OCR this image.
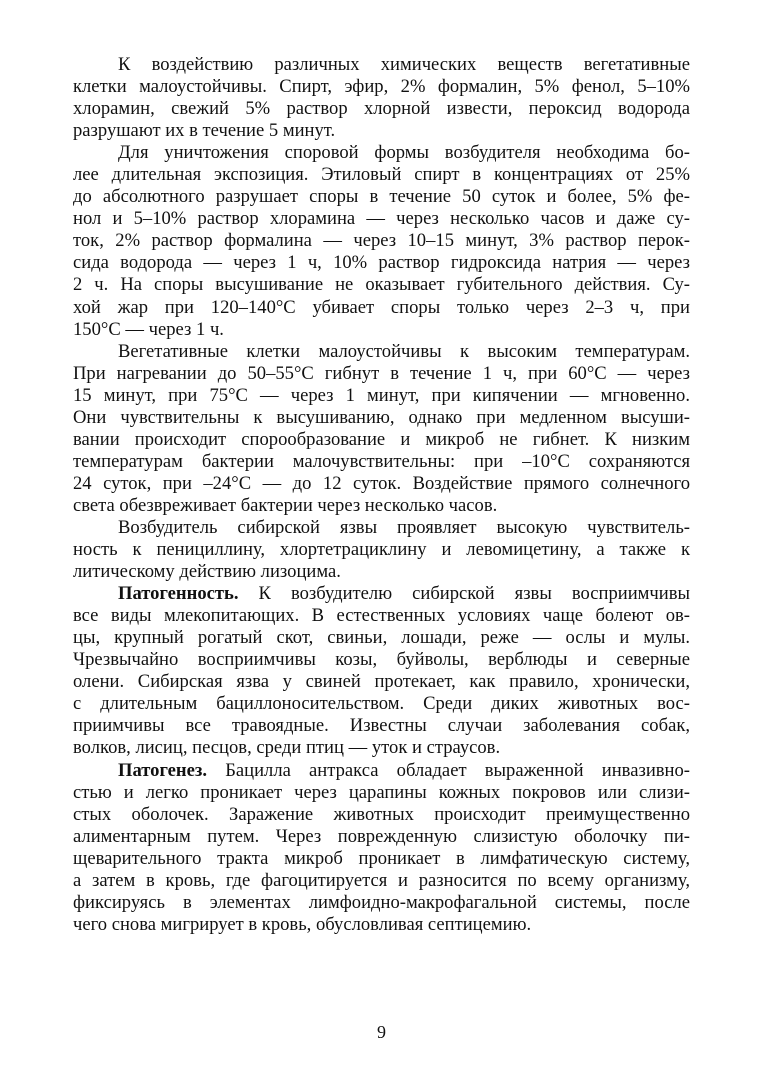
К воздействию различных химических веществ вегетативные
клетки малоустойчивы. Спирт, эфир, 2% формалин, 5% фенол, 5–10%
хлорамин, свежий 5% раствор хлорной извести, пероксид водорода
разрушают их в течение 5 минут.
Для уничтожения споровой формы возбудителя необходима бо-
лее длительная экспозиция. Этиловый спирт в концентрациях от 25%
до абсолютного разрушает споры в течение 50 суток и более, 5% фе-
нол и 5–10% раствор хлорамина — через несколько часов и даже су-
ток, 2% раствор формалина — через 10–15 минут, 3% раствор перок-
сида водорода — через 1 ч, 10% раствор гидроксида натрия — через
2 ч. На споры высушивание не оказывает губительного действия. Су-
хой жар при 120–140°С убивает споры только через 2–3 ч, при
150°С — через 1 ч.
Вегетативные клетки малоустойчивы к высоким температурам.
При нагревании до 50–55°С гибнут в течение 1 ч, при 60°С — через
15 минут, при 75°С — через 1 минут, при кипячении — мгновенно.
Они чувствительны к высушиванию, однако при медленном высуши-
вании происходит спорообразование и микроб не гибнет. К низким
температурам бактерии малочувствительны: при –10°С сохраняются
24 суток, при –24°С — до 12 суток. Воздействие прямого солнечного
света обезвреживает бактерии через несколько часов.
Возбудитель сибирской язвы проявляет высокую чувствитель-
ность к пенициллину, хлортетрациклину и левомицетину, а также к
литическому действию лизоцима.
Патогенность. К возбудителю сибирской язвы восприимчивы
все виды млекопитающих. В естественных условиях чаще болеют ов-
цы, крупный рогатый скот, свиньи, лошади, реже — ослы и мулы.
Чрезвычайно восприимчивы козы, буйволы, верблюды и северные
олени. Сибирская язва у свиней протекает, как правило, хронически,
с длительным бациллоносительством. Среди диких животных вос-
приимчивы все травоядные. Известны случаи заболевания собак,
волков, лисиц, песцов, среди птиц — уток и страусов.
Патогенез. Бацилла антракса обладает выраженной инвазивно-
стью и легко проникает через царапины кожных покровов или слизи-
стых оболочек. Заражение животных происходит преимущественно
алиментарным путем. Через поврежденную слизистую оболочку пи-
щеварительного тракта микроб проникает в лимфатическую систему,
а затем в кровь, где фагоцитируется и разносится по всему организму,
фиксируясь в элементах лимфоидно-макрофагальной системы, после
чего снова мигрирует в кровь, обусловливая септицемию.
9
